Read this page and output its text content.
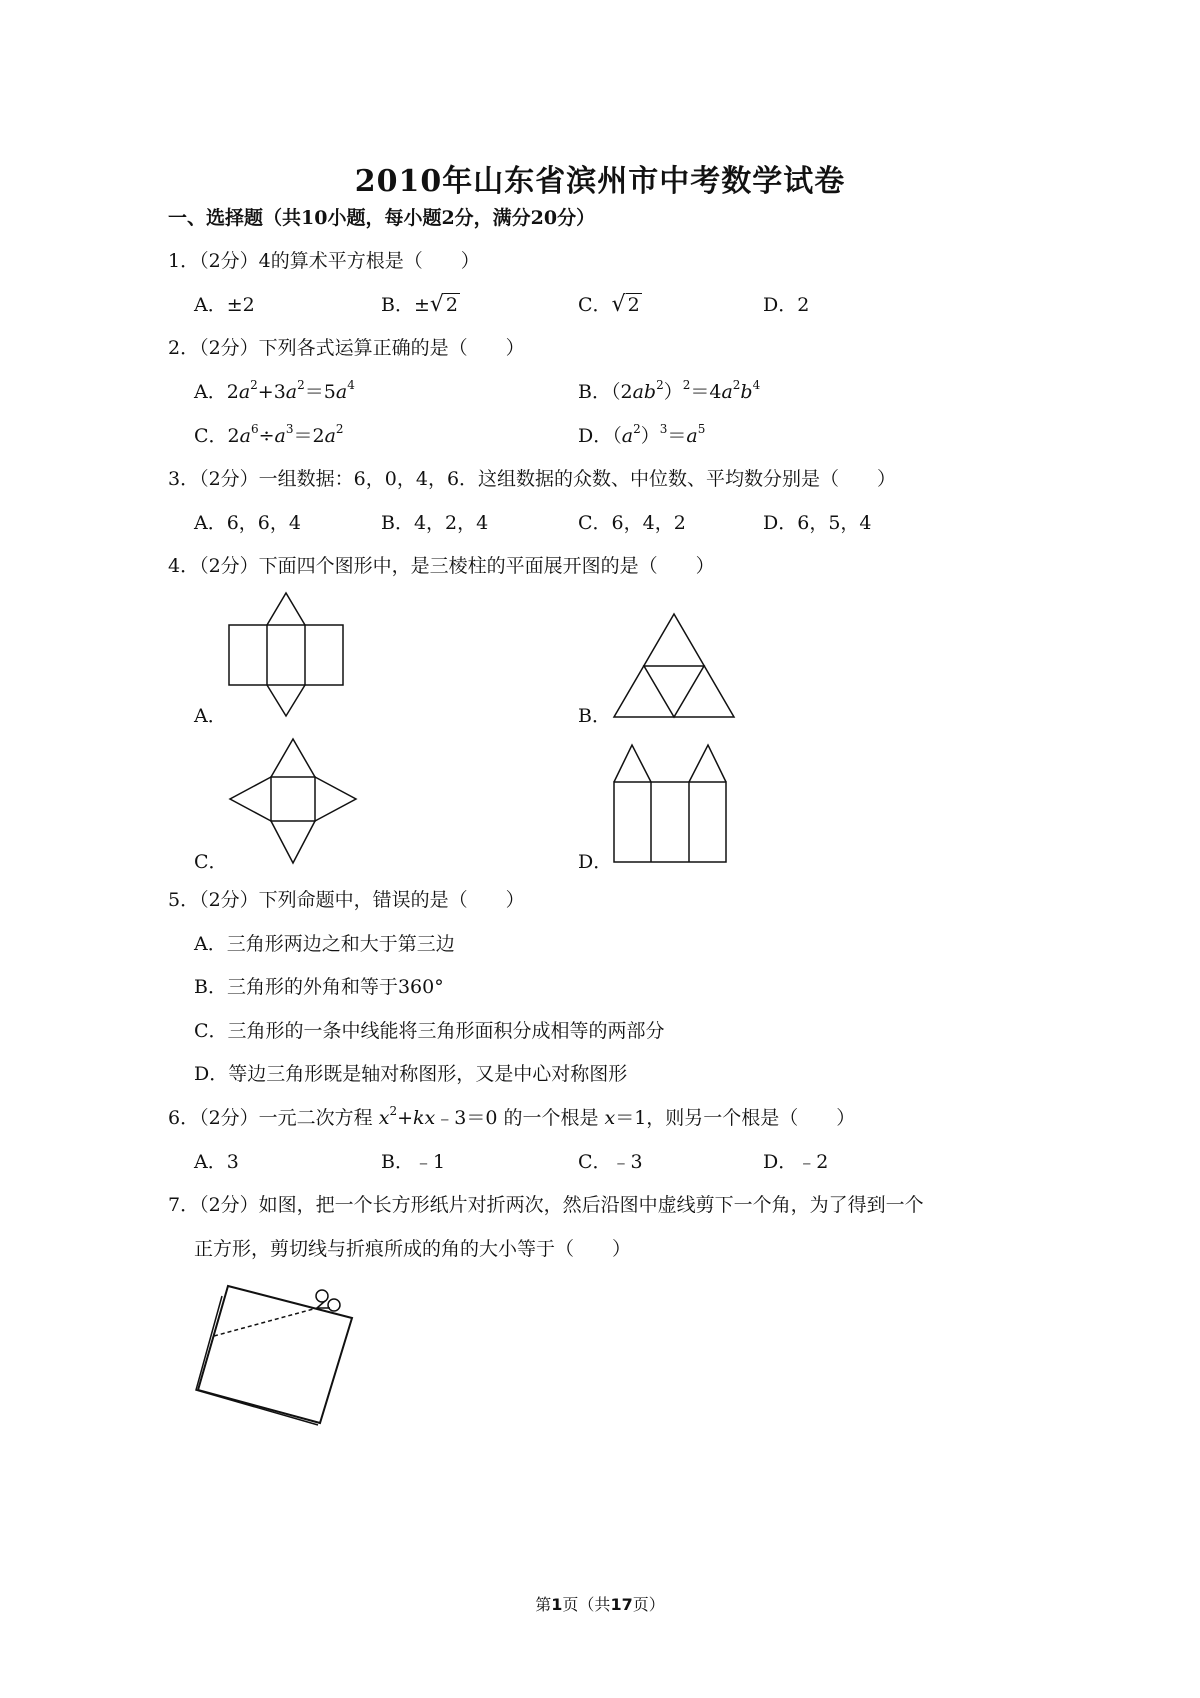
2010年山东省滨州市中考数学试卷
一、选择题（共10小题，每小题2分，满分20分）
1．（2分）4的算术平方根是（　　）
A．±2	B．±√ 2	C．√ 2	D．2
2．（2分）下列各式运算正确的是（　　）
A．$2a^2+3a^2=5a^4$	B．$(2ab^2)^2=4a^2b^4$
C．$2a^6\div a^3=2a^2$	D．$(a^2)^3=a^5$
3．（2分）一组数据：6，0，4，6．这组数据的众数、中位数、平均数分别是（　　）
A．6，6，4	B．4，2，4	C．6，4，2	D．6，5，4
4．（2分）下面四个图形中，是三棱柱的平面展开图的是（　　）
A．	B．
C．	D．
5．（2分）下列命题中，错误的是（　　）
A．三角形两边之和大于第三边
B．三角形的外角和等于360°
C．三角形的一条中线能将三角形面积分成相等的两部分
D．等边三角形既是轴对称图形，又是中心对称图形
6．（2分）一元二次方程 $x^2+kx﹣3=0$ 的一个根是 x＝1，则另一个根是（　　）
A．3	B．﹣1	C．﹣3	D．﹣2
7．（2分）如图，把一个长方形纸片对折两次，然后沿图中虚线剪下一个角，为了得到一个
正方形，剪切线与折痕所成的角的大小等于（　　）
第1页（共17页）
